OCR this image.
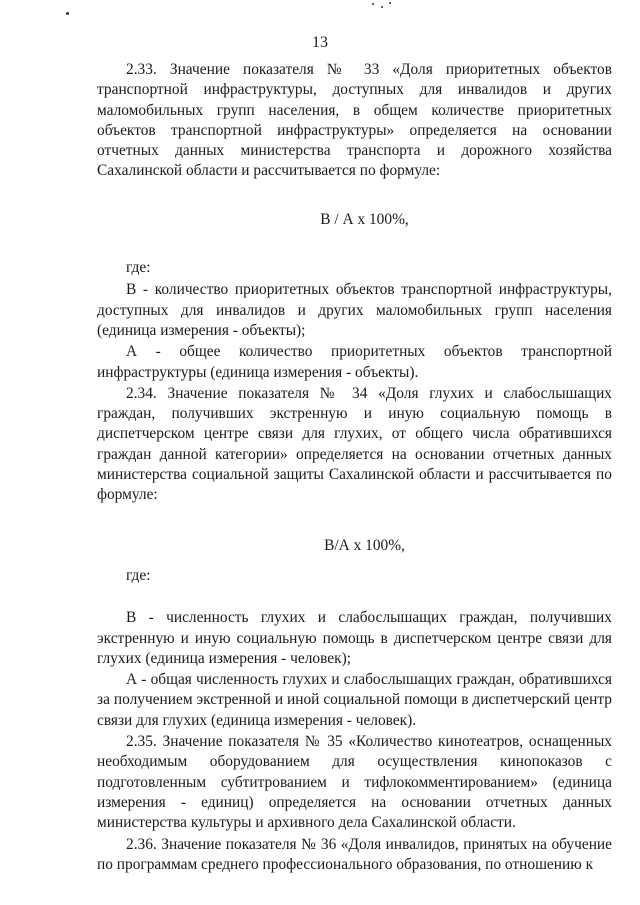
13

2.33. Значение показателя № 33 «Доля приоритетных объектов транспортной инфраструктуры, доступных для инвалидов и других маломобильных групп населения, в общем количестве приоритетных объектов транспортной инфраструктуры» определяется на основании отчетных данных министерства транспорта и дорожного хозяйства Сахалинской области и рассчитывается по формуле:

В / А х 100%,

где:

В - количество приоритетных объектов транспортной инфраструктуры, доступных для инвалидов и других маломобильных групп населения (единица измерения - объекты);

А - общее количество приоритетных объектов транспортной инфраструктуры (единица измерения - объекты).

2.34. Значение показателя № 34 «Доля глухих и слабослышащих граждан, получивших экстренную и иную социальную помощь в диспетчерском центре связи для глухих, от общего числа обратившихся граждан данной категории» определяется на основании отчетных данных министерства социальной защиты Сахалинской области и рассчитывается по формуле:

В/А х 100%,

где:

В - численность глухих и слабослышащих граждан, получивших экстренную и иную социальную помощь в диспетчерском центре связи для глухих (единица измерения - человек);

А - общая численность глухих и слабослышащих граждан, обратившихся за получением экстренной и иной социальной помощи в диспетчерский центр связи для глухих (единица измерения - человек).

2.35. Значение показателя № 35 «Количество кинотеатров, оснащенных необходимым оборудованием для осуществления кинопоказов с подготовленным субтитрованием и тифлокомментированием» (единица измерения - единиц) определяется на основании отчетных данных министерства культуры и архивного дела Сахалинской области.

2.36. Значение показателя № 36 «Доля инвалидов, принятых на обучение по программам среднего профессионального образования, по отношению к
